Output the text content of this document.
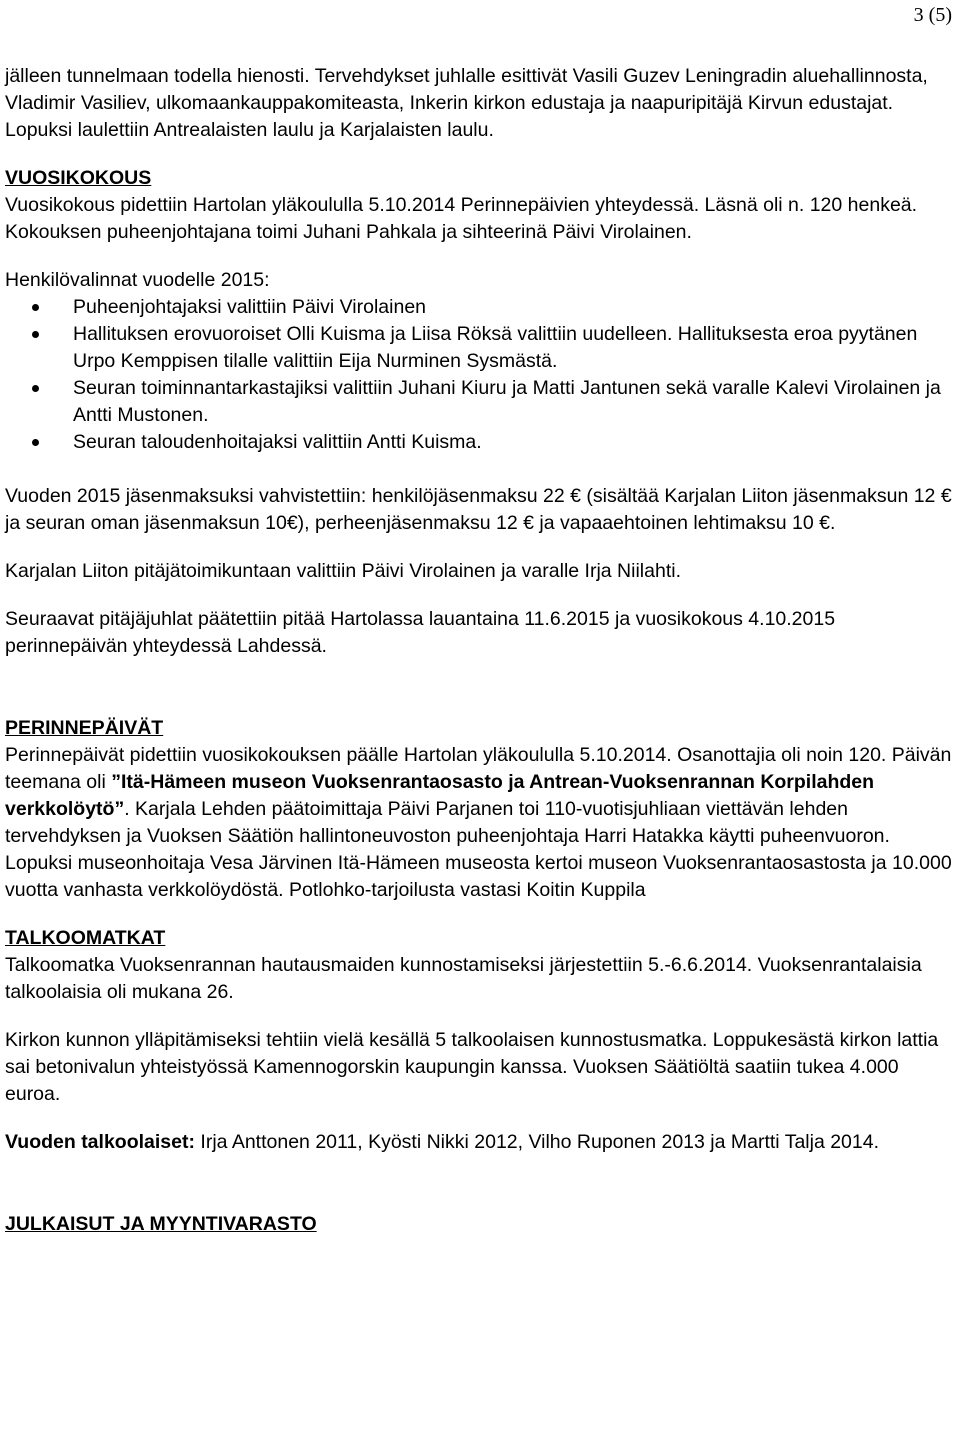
3 (5)

jälleen tunnelmaan todella hienosti. Tervehdykset juhlalle esittivät Vasili Guzev Leningradin aluehallinnosta, Vladimir Vasiliev, ulkomaankauppakomiteasta, Inkerin kirkon edustaja ja naapuripitäjä Kirvun edustajat. Lopuksi laulettiin Antrealaisten laulu ja Karjalaisten laulu.

VUOSIKOKOUS

Vuosikokous pidettiin Hartolan yläkoululla 5.10.2014 Perinnepäivien yhteydessä. Läsnä oli n. 120 henkeä. Kokouksen puheenjohtajana toimi Juhani Pahkala ja sihteerinä Päivi Virolainen.

Henkilövalinnat vuodelle 2015:

Puheenjohtajaksi valittiin Päivi Virolainen
Hallituksen erovuoroiset Olli Kuisma ja Liisa Röksä valittiin uudelleen. Hallituksesta eroa pyytänen Urpo Kemppisen tilalle valittiin Eija Nurminen Sysmästä.
Seuran toiminnantarkastajiksi valittiin Juhani Kiuru ja Matti Jantunen sekä varalle Kalevi Virolainen ja Antti Mustonen.
Seuran taloudenhoitajaksi valittiin Antti Kuisma.

Vuoden 2015 jäsenmaksuksi vahvistettiin: henkilöjäsenmaksu 22 € (sisältää Karjalan Liiton jäsenmaksun 12 € ja seuran oman jäsenmaksun 10€), perheenjäsenmaksu 12 € ja vapaaehtoinen lehtimaksu 10 €.

Karjalan Liiton pitäjätoimikuntaan valittiin Päivi Virolainen ja varalle Irja Niilahti.

Seuraavat pitäjäjuhlat päätettiin pitää Hartolassa lauantaina 11.6.2015 ja vuosikokous 4.10.2015 perinnepäivän yhteydessä Lahdessä.

PERINNEPÄIVÄT

Perinnepäivät pidettiin vuosikokouksen päälle Hartolan yläkoululla 5.10.2014. Osanottajia oli noin 120. Päivän teemana oli ”Itä-Hämeen museon Vuoksenrantaosasto ja Antrean-Vuoksenrannan Korpilahden verkkolöytö”. Karjala Lehden päätoimittaja Päivi Parjanen toi 110-vuotisjuhliaan viettävän lehden tervehdyksen ja Vuoksen Säätiön hallintoneuvoston puheenjohtaja Harri Hatakka käytti puheenvuoron. Lopuksi museonhoitaja Vesa Järvinen Itä-Hämeen museosta kertoi museon Vuoksenrantaosastosta ja 10.000 vuotta vanhasta verkkolöydöstä. Potlohko-tarjoilusta vastasi Koitin Kuppila

TALKOOMATKAT

Talkoomatka Vuoksenrannan hautausmaiden kunnostamiseksi järjestettiin 5.-6.6.2014. Vuoksenrantalaisia talkoolaisia oli mukana 26.

Kirkon kunnon ylläpitämiseksi tehtiin vielä kesällä 5 talkoolaisen kunnostusmatka. Loppukesästä kirkon lattia sai betonivalun yhteistyössä Kamennogorskin kaupungin kanssa. Vuoksen Säätiöltä saatiin tukea 4.000 euroa.

Vuoden talkoolaiset: Irja Anttonen 2011, Kyösti Nikki 2012, Vilho Ruponen 2013 ja Martti Talja 2014.

JULKAISUT JA MYYNTIVARASTO
